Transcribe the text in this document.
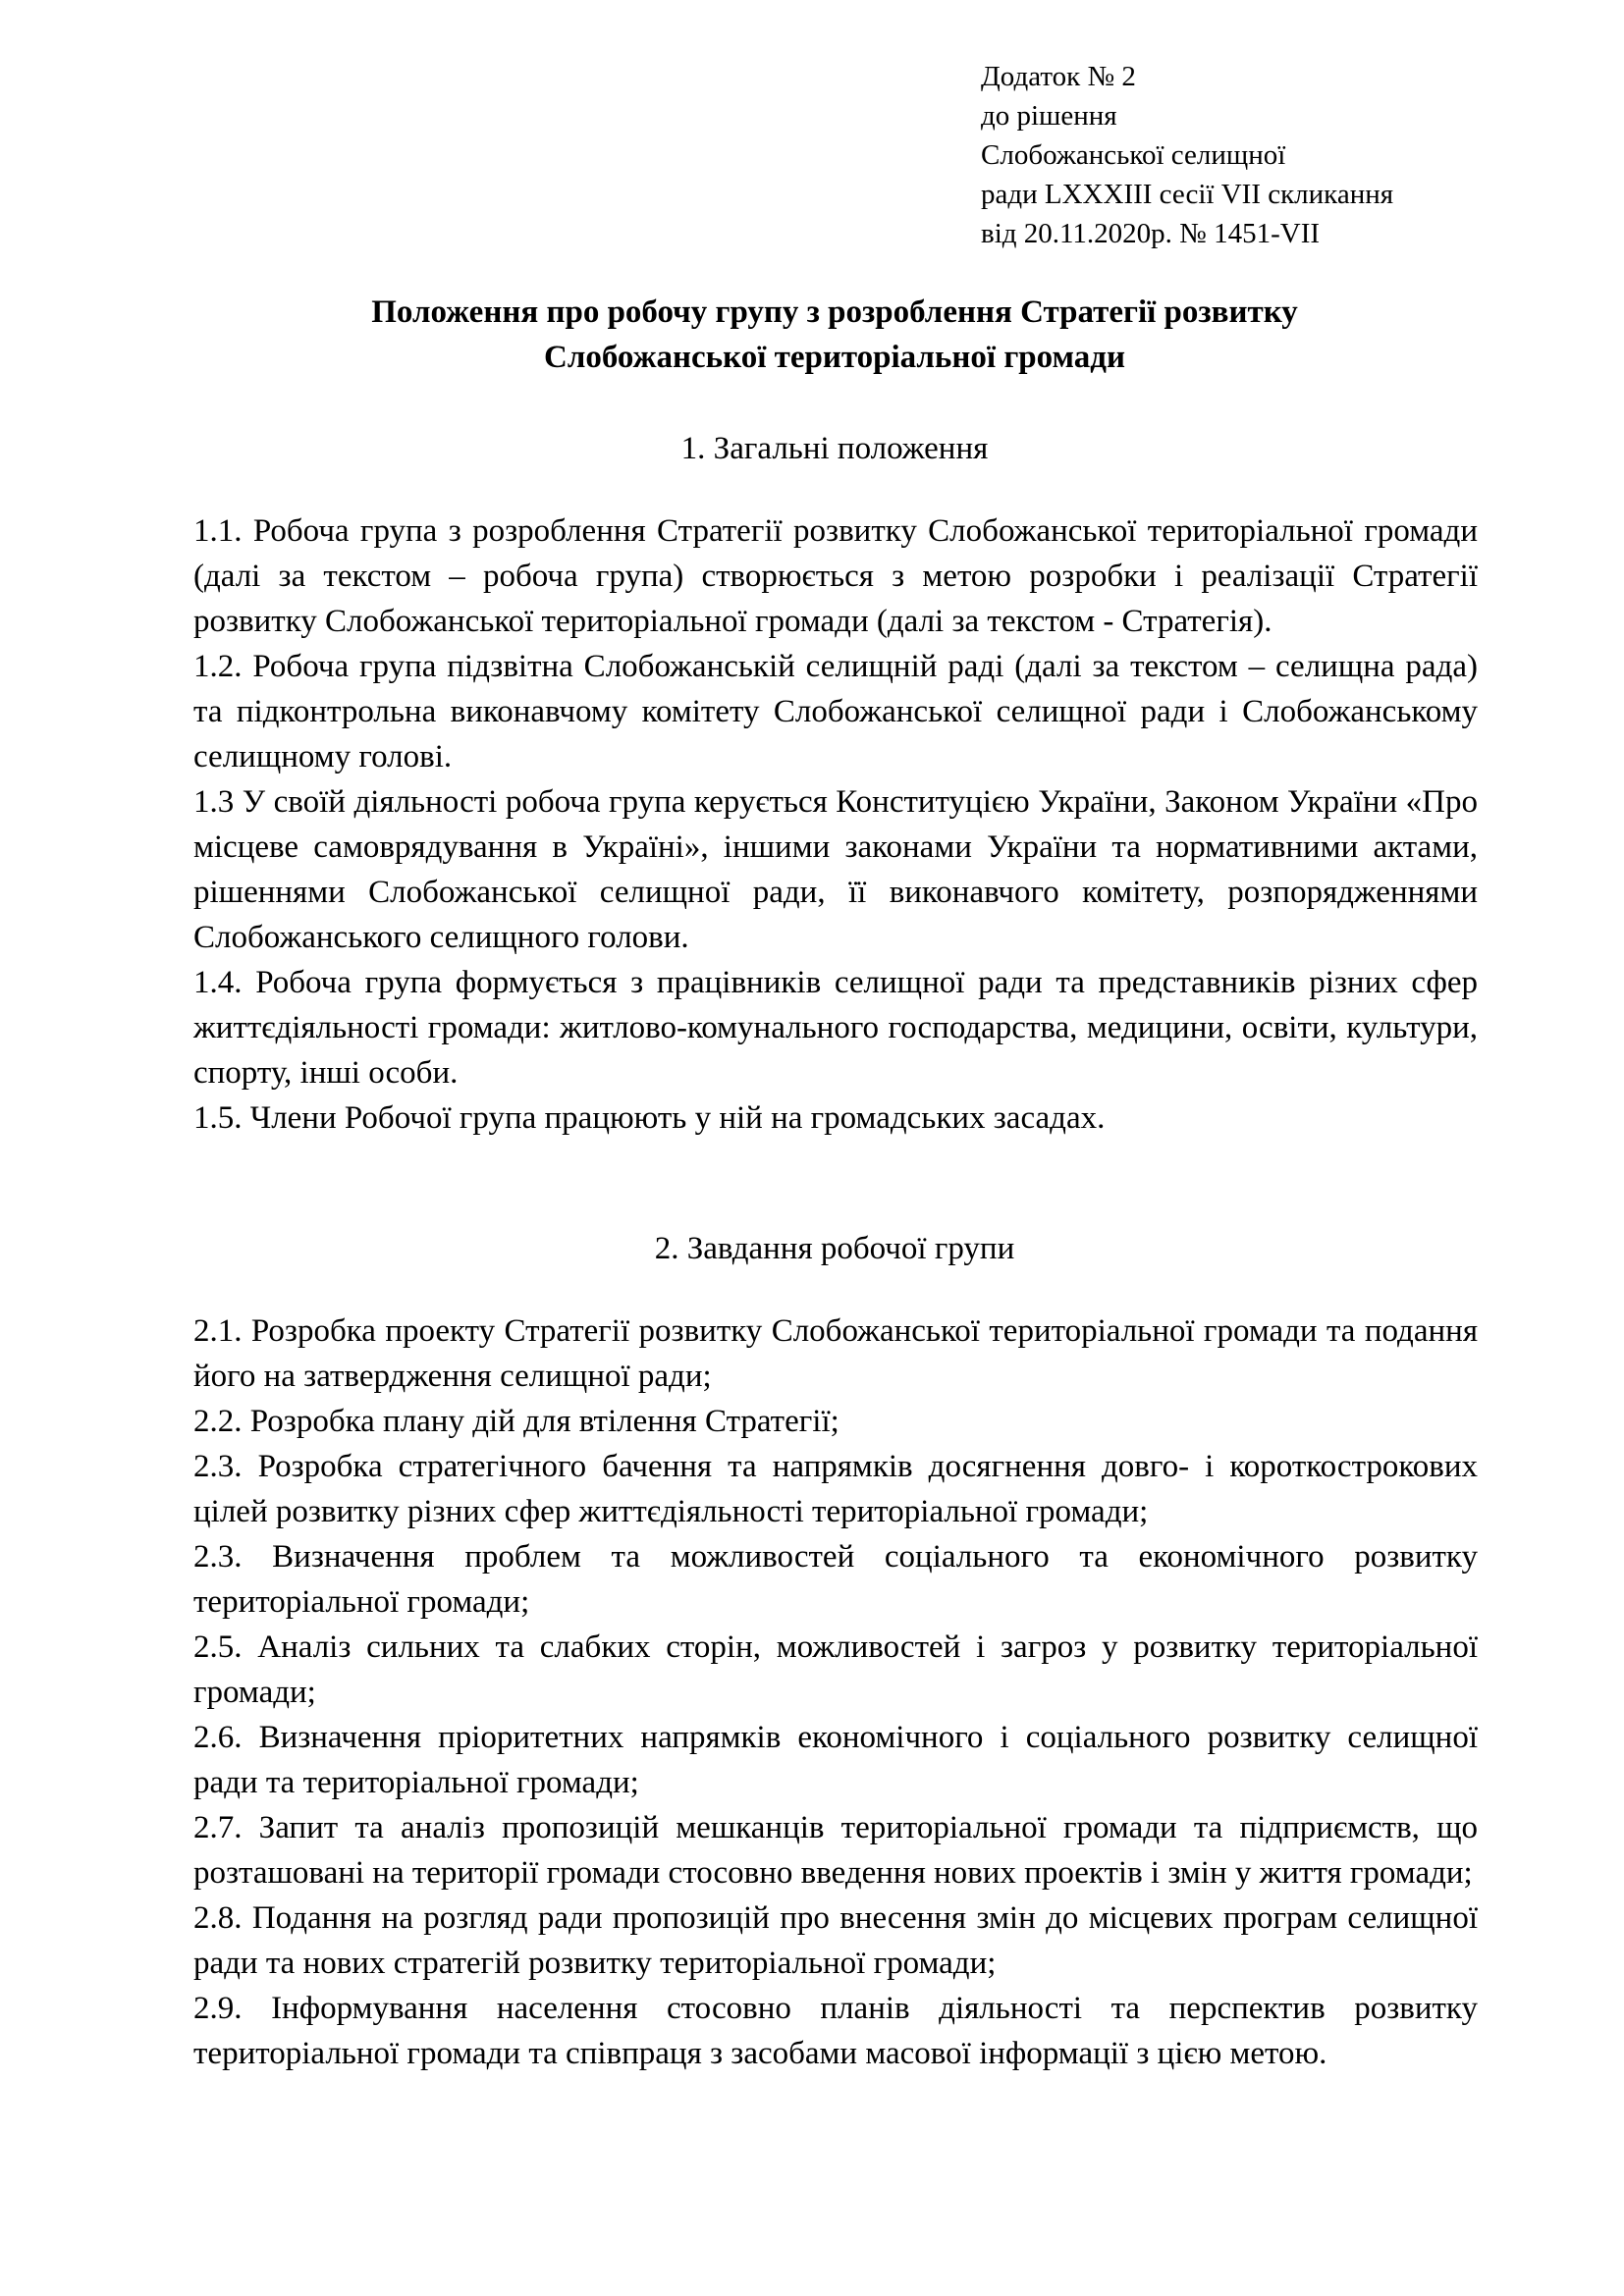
Додаток № 2
до рішення
Слобожанської селищної
ради LXXXIII сесії VII скликання
від 20.11.2020р. № 1451-VII
Положення про робочу групу з розроблення Стратегії розвитку
Слобожанської територіальної громади
1. Загальні положення

1.1. Робоча група з розроблення Стратегії розвитку Слобожанської територіальної громади (далі за текстом – робоча група) створюється з метою розробки і реалізації Стратегії розвитку Слобожанської територіальної громади (далі за текстом - Стратегія).

1.2. Робоча група підзвітна Слобожанській селищній раді (далі за текстом – селищна рада) та підконтрольна виконавчому комітету Слобожанської селищної ради і Слобожанському селищному голові.

1.3 У своїй діяльності робоча група керується Конституцією України, Законом України «Про місцеве самоврядування в Україні», іншими законами України та нормативними актами, рішеннями Слобожанської селищної ради, її виконавчого комітету, розпорядженнями Слобожанського селищного голови.

1.4. Робоча група формується з працівників селищної ради та представників різних сфер життєдіяльності громади: житлово-комунального господарства, медицини, освіти, культури, спорту, інші особи.

1.5. Члени Робочої група працюють у ній на громадських засадах.

2. Завдання робочої групи

2.1. Розробка проекту Стратегії розвитку Слобожанської територіальної громади та подання його на затвердження селищної ради;

2.2. Розробка плану дій для втілення Стратегії;

2.3. Розробка стратегічного бачення та напрямків досягнення довго- і короткострокових цілей розвитку різних сфер життєдіяльності територіальної громади;

2.3. Визначення проблем та можливостей соціального та економічного розвитку територіальної громади;

2.5. Аналіз сильних та слабких сторін, можливостей і загроз у розвитку територіальної громади;

2.6. Визначення пріоритетних напрямків економічного і соціального розвитку селищної ради та територіальної громади;

2.7. Запит та аналіз пропозицій мешканців територіальної громади та підприємств, що розташовані на території громади стосовно введення нових проектів і змін у життя громади;

2.8. Подання на розгляд ради пропозицій про внесення змін до місцевих програм селищної ради та нових стратегій розвитку територіальної громади;

2.9. Інформування населення стосовно планів діяльності та перспектив розвитку територіальної громади та співпраця з засобами масової інформації з цією метою.
